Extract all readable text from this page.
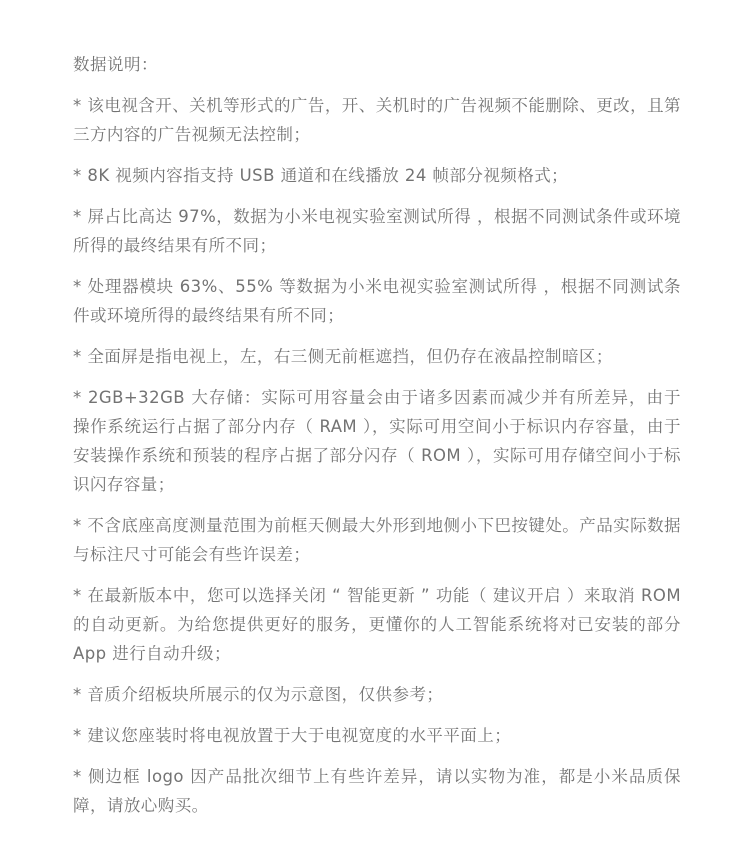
数据说明：

* 该电视含开、关机等形式的广告，开、关机时的广告视频不能删除、更改，且第三方内容的广告视频无法控制；

* 8K 视频内容指支持 USB 通道和在线播放 24 帧部分视频格式；

* 屏占比高达 97%，数据为小米电视实验室测试所得 ，根据不同测试条件或环境所得的最终结果有所不同；

* 处理器模块 63%、55% 等数据为小米电视实验室测试所得 ，根据不同测试条件或环境所得的最终结果有所不同；

* 全面屏是指电视上，左，右三侧无前框遮挡，但仍存在液晶控制暗区；

* 2GB+32GB 大存储：实际可用容量会由于诸多因素而减少并有所差异，由于操作系统运行占据了部分内存（ RAM ），实际可用空间小于标识内存容量，由于安装操作系统和预装的程序占据了部分闪存（ ROM ），实际可用存储空间小于标识闪存容量；

* 不含底座高度测量范围为前框天侧最大外形到地侧小下巴按键处。产品实际数据与标注尺寸可能会有些许误差；

* 在最新版本中，您可以选择关闭 “ 智能更新 ” 功能（ 建议开启 ）来取消 ROM 的自动更新。为给您提供更好的服务，更懂你的人工智能系统将对已安装的部分 App 进行自动升级；

* 音质介绍板块所展示的仅为示意图，仅供参考；

* 建议您座装时将电视放置于大于电视宽度的水平平面上；

* 侧边框 logo 因产品批次细节上有些许差异，请以实物为准，都是小米品质保障，请放心购买。
